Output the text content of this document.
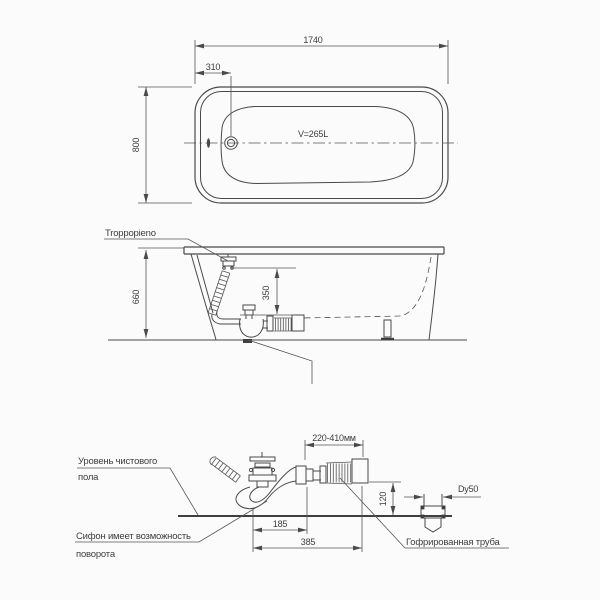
1740
310
800
V=265L
660	350
Troppopieno
220-410мм
120
Dy50
185
385
Уровень чистового
пола
Сифон имеет возможность
поворота
Гофрированная труба
